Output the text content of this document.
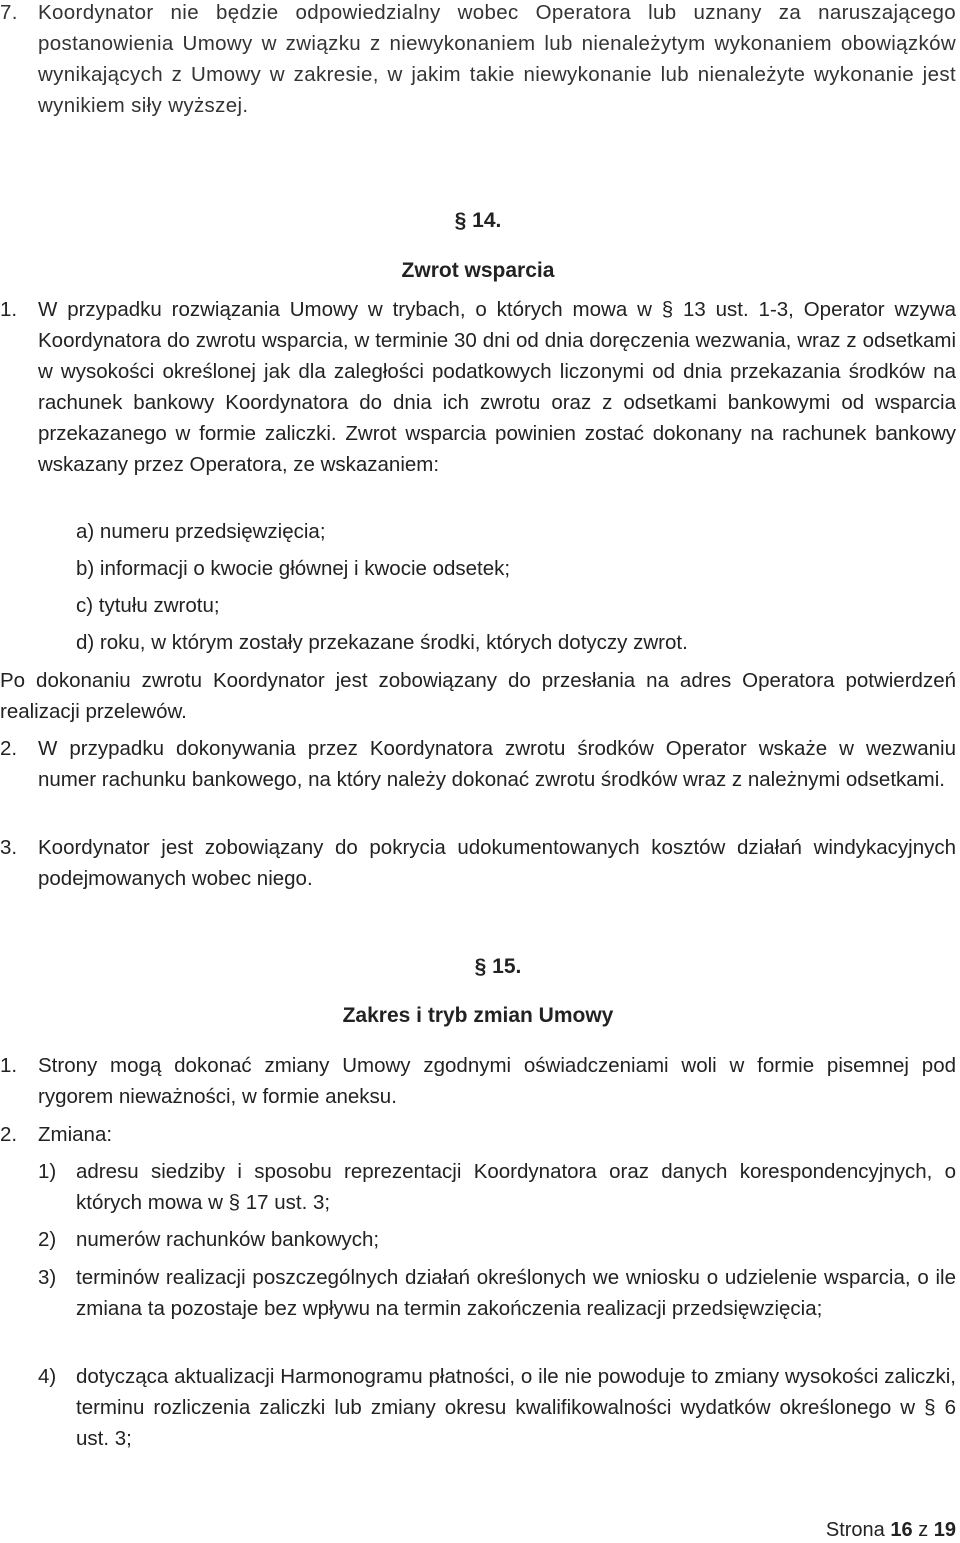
7. Koordynator nie będzie odpowiedzialny wobec Operatora lub uznany za naruszającego postanowienia Umowy w związku z niewykonaniem lub nienależytym wykonaniem obowiązków wynikających z Umowy w zakresie, w jakim takie niewykonanie lub nienależyte wykonanie jest wynikiem siły wyższej.
§ 14.
Zwrot wsparcia
1. W przypadku rozwiązania Umowy w trybach, o których mowa w § 13 ust. 1-3, Operator wzywa Koordynatora do zwrotu wsparcia, w terminie 30 dni od dnia doręczenia wezwania, wraz z odsetkami w wysokości określonej jak dla zaległości podatkowych liczonymi od dnia przekazania środków na rachunek bankowy Koordynatora do dnia ich zwrotu oraz z odsetkami bankowymi od wsparcia przekazanego w formie zaliczki. Zwrot wsparcia powinien zostać dokonany na rachunek bankowy wskazany przez Operatora, ze wskazaniem:
a) numeru przedsięwzięcia;
b) informacji o kwocie głównej i kwocie odsetek;
c) tytułu zwrotu;
d) roku, w którym zostały przekazane środki, których dotyczy zwrot.
Po dokonaniu zwrotu Koordynator jest zobowiązany do przesłania na adres Operatora potwierdzeń realizacji przelewów.
2. W przypadku dokonywania przez Koordynatora zwrotu środków Operator wskaże w wezwaniu numer rachunku bankowego, na który należy dokonać zwrotu środków wraz z należnymi odsetkami.
3. Koordynator jest zobowiązany do pokrycia udokumentowanych kosztów działań windykacyjnych podejmowanych wobec niego.
§ 15.
Zakres i tryb zmian Umowy
1. Strony mogą dokonać zmiany Umowy zgodnymi oświadczeniami woli w formie pisemnej pod rygorem nieważności, w formie aneksu.
2. Zmiana:
1) adresu siedziby i sposobu reprezentacji Koordynatora oraz danych korespondencyjnych, o których mowa w § 17 ust. 3;
2) numerów rachunków bankowych;
3) terminów realizacji poszczególnych działań określonych we wniosku o udzielenie wsparcia, o ile zmiana ta pozostaje bez wpływu na termin zakończenia realizacji przedsięwzięcia;
4) dotycząca aktualizacji Harmonogramu płatności, o ile nie powoduje to zmiany wysokości zaliczki, terminu rozliczenia zaliczki lub zmiany okresu kwalifikowalności wydatków określonego w § 6 ust. 3;
Strona 16 z 19
